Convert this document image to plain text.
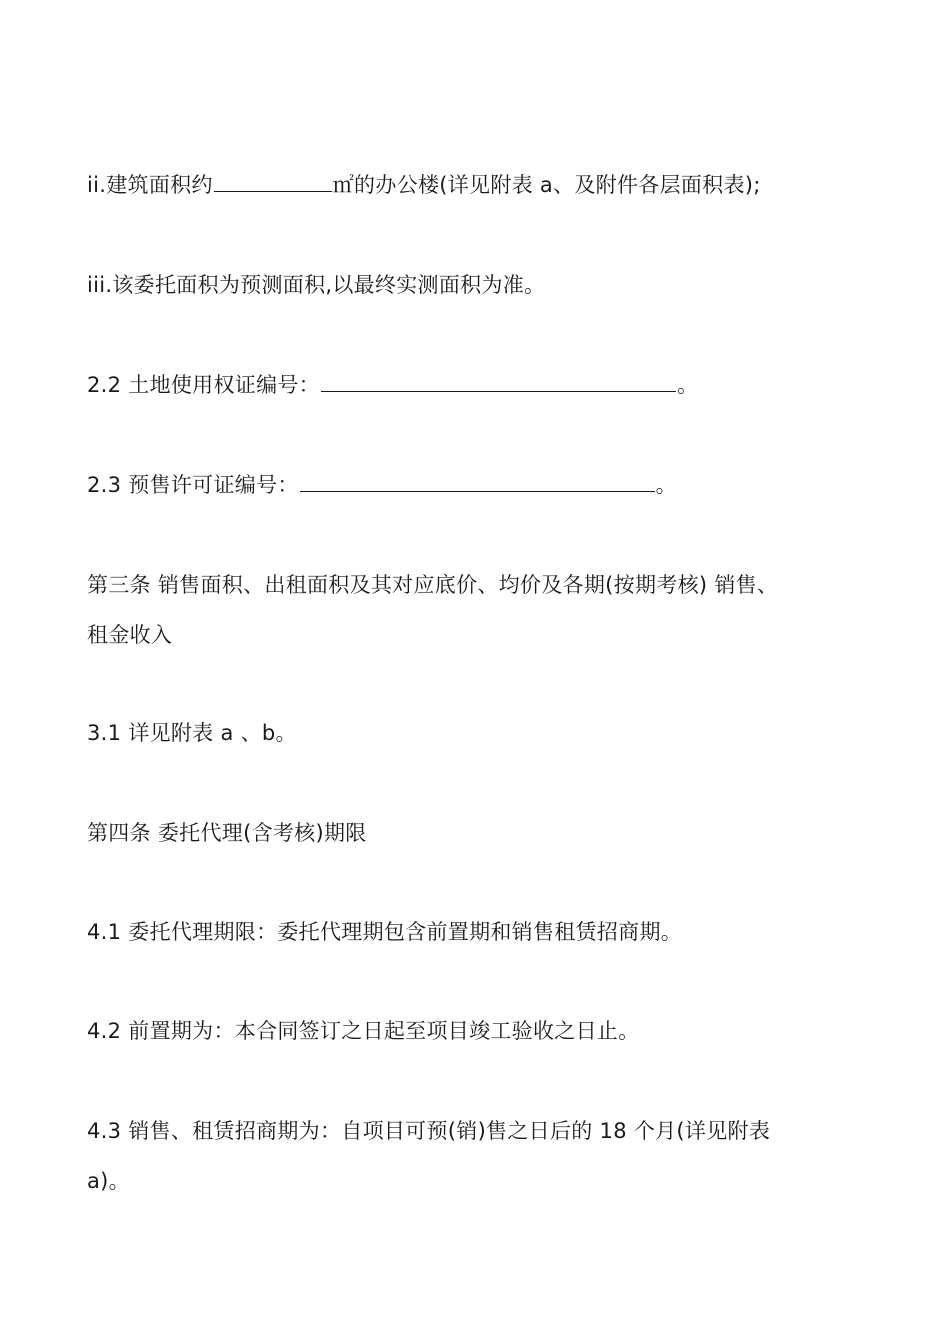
ii.建筑面积约	㎡的办公楼(详见附表 a、及附件各层面积表);
iii.该委托面积为预测面积,以最终实测面积为准。
2.2 土地使用权证编号：	。
2.3 预售许可证编号：	。
第三条 销售面积、出租面积及其对应底价、均价及各期(按期考核) 销售、
租金收入
3.1 详见附表 a 、b。
第四条 委托代理(含考核)期限
4.1 委托代理期限：委托代理期包含前置期和销售租赁招商期。
4.2 前置期为：本合同签订之日起至项目竣工验收之日止。
4.3 销售、租赁招商期为：自项目可预(销)售之日后的 18 个月(详见附表
a)。
